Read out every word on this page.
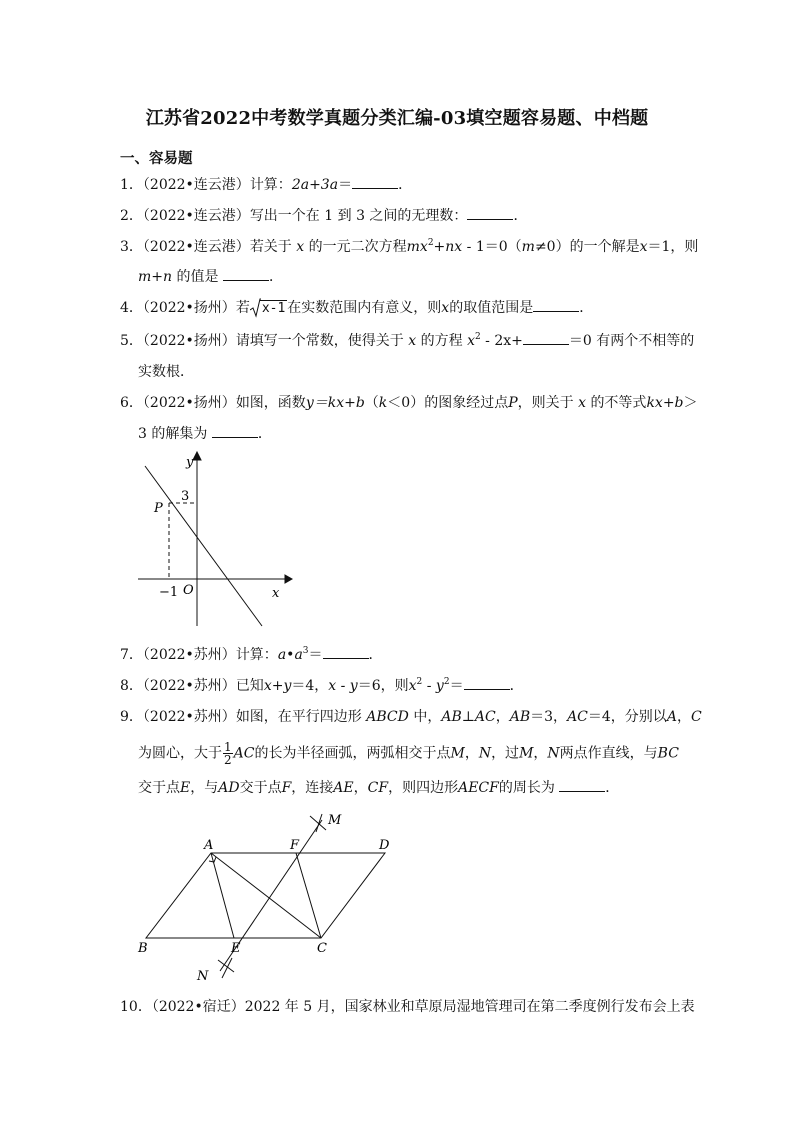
江苏省2022中考数学真题分类汇编-03填空题容易题、中档题
一、容易题
1．（2022•连云港）计算：2a+3a＝	．
2．（2022•连云港）写出一个在 1 到 3 之间的无理数：	．
3．（2022•连云港）若关于 x 的一元二次方程$mx^2+nx - 1=0(m\ne 0)$的一个解是x＝1，则
m+n 的值是	．
4．（2022•扬州）若 x-1 在实数范围内有意义，则x的取值范围是	．
5．（2022•扬州）请填写一个常数，使得关于 x 的方程 $x^2 - 2x+$	＝0 有两个不相等的
实数根．
6．（2022•扬州）如图，函数y＝kx+b（k＜0）的图象经过点P，则关于 x 的不等式kx+b＞
3 的解集为	．
y
x
O
P
3
−1
7．（2022•苏州）计算：$a•a^3=$	．
8．（2022•苏州）已知x+y＝4，x - y＝6，则$x^2 - y^2=$	．
9．（2022•苏州）如图，在平行四边形 ABCD 中，AB⊥AC，AB＝3，AC＝4，分别以A，C
为圆心，大于 $\frac{1}{2}$ AC的长为半径画弧，两弧相交于点M，N，过M，N两点作直线，与BC
交于点E，与AD交于点F，连接AE，CF，则四边形AECF的周长为	．
A	F	D
B	E	C
M
N
10．（2022•宿迁）2022 年 5 月，国家林业和草原局湿地管理司在第二季度例行发布会上表
